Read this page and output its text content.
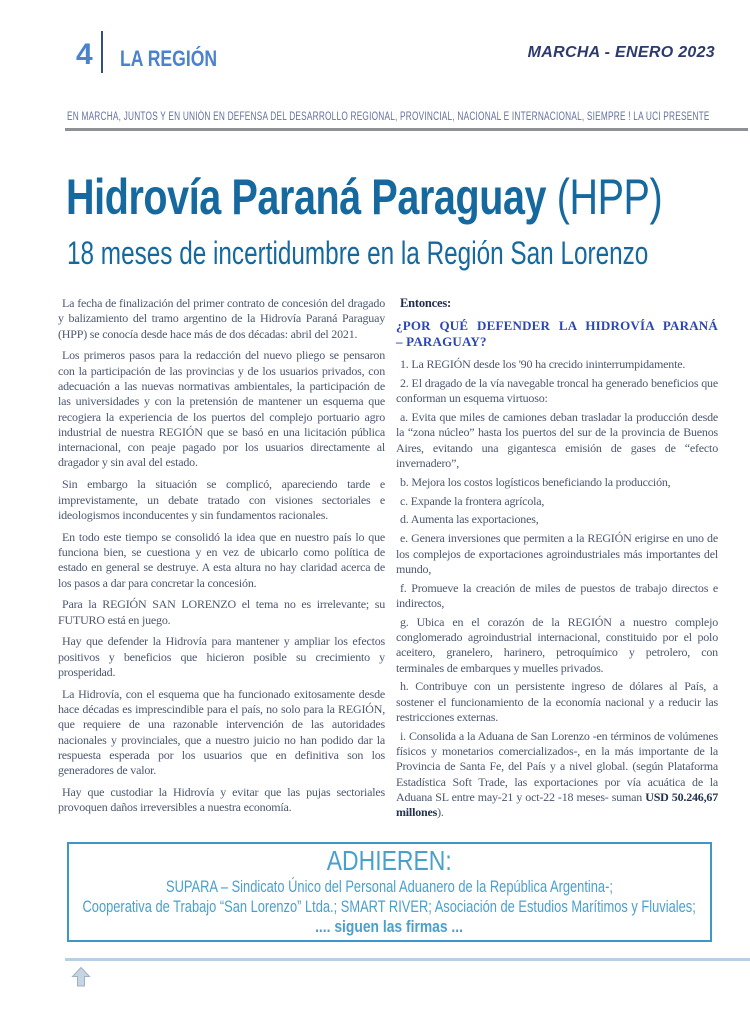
4 LA REGIÓN	MARCHA - ENERO 2023
EN MARCHA, JUNTOS Y EN UNIÓN EN DEFENSA DEL DESARROLLO REGIONAL, PROVINCIAL, NACIONAL E INTERNACIONAL, SIEMPRE ! LA UCI PRESENTE
Hidrovía Paraná Paraguay (HPP)
18 meses de incertidumbre en la Región San Lorenzo

La fecha de finalización del primer contrato de concesión del dragado y balizamiento del tramo argentino de la Hidrovía Paraná Paraguay (HPP) se conocía desde hace más de dos décadas: abril del 2021.

Los primeros pasos para la redacción del nuevo pliego se pensaron con la participación de las provincias y de los usuarios privados, con adecuación a las nuevas normativas ambientales, la participación de las universidades y con la pretensión de mantener un esquema que recogiera la experiencia de los puertos del complejo portuario agro industrial de nuestra REGIÓN que se basó en una licitación pública internacional, con peaje pagado por los usuarios directamente al dragador y sin aval del estado.

Sin embargo la situación se complicó, apareciendo tarde e imprevistamente, un debate tratado con visiones sectoriales e ideologismos inconducentes y sin fundamentos racionales.

En todo este tiempo se consolidó la idea que en nuestro país lo que funciona bien, se cuestiona y en vez de ubicarlo como política de estado en general se destruye. A esta altura no hay claridad acerca de los pasos a dar para concretar la concesión.

Para la REGIÓN SAN LORENZO el tema no es irrelevante; su FUTURO está en juego.

Hay que defender la Hidrovía para mantener y ampliar los efectos positivos y beneficios que hicieron posible su crecimiento y prosperidad.

La Hidrovía, con el esquema que ha funcionado exitosamente desde hace décadas es imprescindible para el país, no solo para la REGIÓN, que requiere de una razonable intervención de las autoridades nacionales y provinciales, que a nuestro juicio no han podido dar la respuesta esperada por los usuarios que en definitiva son los generadores de valor.

Hay que custodiar la Hidrovía y evitar que las pujas sectoriales provoquen daños irreversibles a nuestra economía.

Entonces:

¿POR QUÉ DEFENDER LA HIDROVÍA PARANÁ
– PARAGUAY?

1. La REGIÓN desde los '90 ha crecido ininterrumpidamente.

2. El dragado de la vía navegable troncal ha generado beneficios que conforman un esquema virtuoso:

a. Evita que miles de camiones deban trasladar la producción desde la “zona núcleo” hasta los puertos del sur de la provincia de Buenos Aires, evitando una gigantesca emisión de gases de “efecto invernadero”,

b. Mejora los costos logísticos beneficiando la producción,

c. Expande la frontera agrícola,

d. Aumenta las exportaciones,

e. Genera inversiones que permiten a la REGIÓN erigirse en uno de los complejos de exportaciones agroindustriales más importantes del mundo,

f. Promueve la creación de miles de puestos de trabajo directos e indirectos,

g. Ubica en el corazón de la REGIÓN a nuestro complejo conglomerado agroindustrial internacional, constituido por el polo aceitero, granelero, harinero, petroquímico y petrolero, con terminales de embarques y muelles privados.

h. Contribuye con un persistente ingreso de dólares al País, a sostener el funcionamiento de la economía nacional y a reducir las restricciones externas.

i. Consolida a la Aduana de San Lorenzo -en términos de volúmenes físicos y monetarios comercializados-, en la más importante de la Provincia de Santa Fe, del País y a nivel global. (según Plataforma Estadística Soft Trade, las exportaciones por vía acuática de la Aduana SL entre may-21 y oct-22 -18 meses- suman USD 50.246,67 millones).

ADHIEREN:
SUPARA – Sindicato Único del Personal Aduanero de la República Argentina-;
Cooperativa de Trabajo “San Lorenzo” Ltda.; SMART RIVER; Asociación de Estudios Marítimos y Fluviales;
.... siguen las firmas ...
